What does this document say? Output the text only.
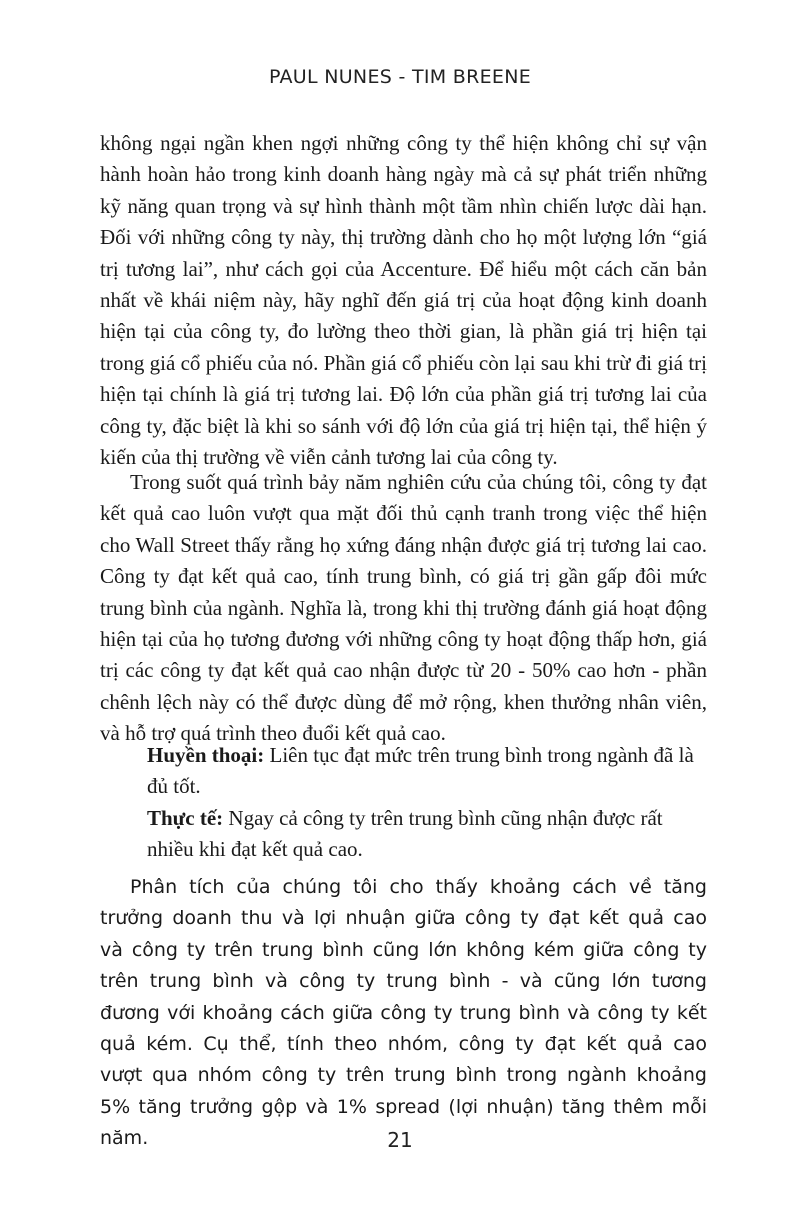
PAUL NUNES - TIM BREENE

không ngại ngần khen ngợi những công ty thể hiện không chỉ sự vận hành hoàn hảo trong kinh doanh hàng ngày mà cả sự phát triển những kỹ năng quan trọng và sự hình thành một tầm nhìn chiến lược dài hạn. Đối với những công ty này, thị trường dành cho họ một lượng lớn “giá trị tương lai”, như cách gọi của Accenture. Để hiểu một cách căn bản nhất về khái niệm này, hãy nghĩ đến giá trị của hoạt động kinh doanh hiện tại của công ty, đo lường theo thời gian, là phần giá trị hiện tại trong giá cổ phiếu của nó. Phần giá cổ phiếu còn lại sau khi trừ đi giá trị hiện tại chính là giá trị tương lai. Độ lớn của phần giá trị tương lai của công ty, đặc biệt là khi so sánh với độ lớn của giá trị hiện tại, thể hiện ý kiến của thị trường về viễn cảnh tương lai của công ty.

Trong suốt quá trình bảy năm nghiên cứu của chúng tôi, công ty đạt kết quả cao luôn vượt qua mặt đối thủ cạnh tranh trong việc thể hiện cho Wall Street thấy rằng họ xứng đáng nhận được giá trị tương lai cao. Công ty đạt kết quả cao, tính trung bình, có giá trị gần gấp đôi mức trung bình của ngành. Nghĩa là, trong khi thị trường đánh giá hoạt động hiện tại của họ tương đương với những công ty hoạt động thấp hơn, giá trị các công ty đạt kết quả cao nhận được từ 20 - 50% cao hơn - phần chênh lệch này có thể được dùng để mở rộng, khen thưởng nhân viên, và hỗ trợ quá trình theo đuổi kết quả cao.

Huyền thoại: Liên tục đạt mức trên trung bình trong ngành đã là đủ tốt.

Thực tế: Ngay cả công ty trên trung bình cũng nhận được rất nhiều khi đạt kết quả cao.

Phân tích của chúng tôi cho thấy khoảng cách về tăng trưởng doanh thu và lợi nhuận giữa công ty đạt kết quả cao và công ty trên trung bình cũng lớn không kém giữa công ty trên trung bình và công ty trung bình - và cũng lớn tương đương với khoảng cách giữa công ty trung bình và công ty kết quả kém. Cụ thể, tính theo nhóm, công ty đạt kết quả cao vượt qua nhóm công ty trên trung bình trong ngành khoảng 5% tăng trưởng gộp và 1% spread (lợi nhuận) tăng thêm mỗi năm.	21
